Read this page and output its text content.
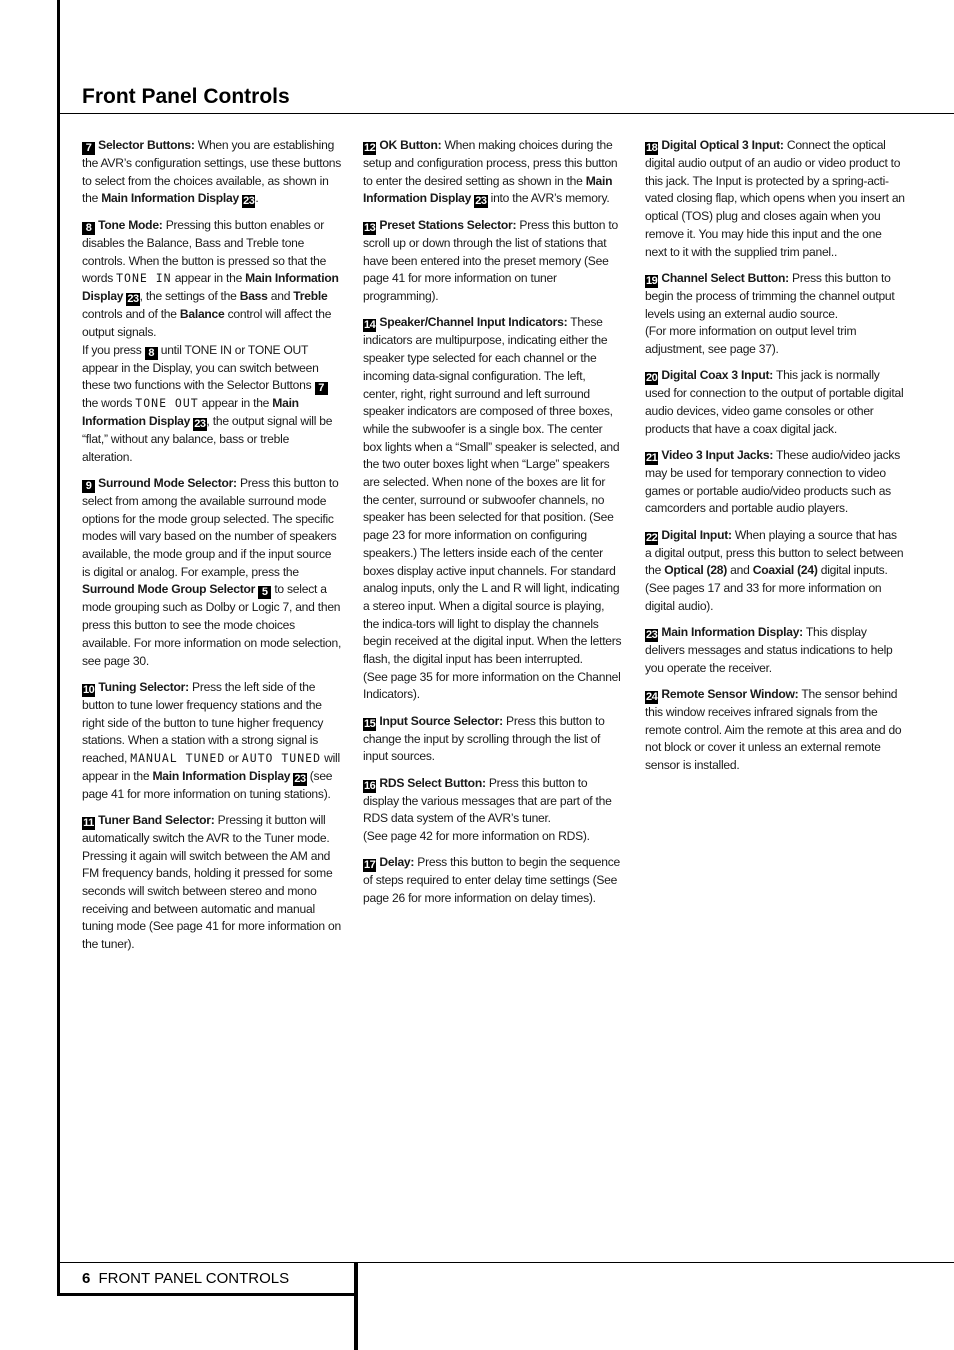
Front Panel Controls

7 Selector Buttons: When you are establishing the AVR’s configuration settings, use these buttons to select from the choices available, as shown in the Main Information Display 23.

8 Tone Mode: Pressing this button enables or disables the Balance, Bass and Treble tone controls. When the button is pressed so that the words TONE IN appear in the Main Information Display 23, the settings of the Bass and Treble controls and of the Balance control will affect the output signals.
If you press 8 until TONE IN or TONE OUT appear in the Display, you can switch between these two functions with the Selector Buttons 7 the words TONE OUT appear in the Main Information Display 23, the output signal will be “flat,” without any balance, bass or treble alteration.

9 Surround Mode Selector: Press this button to select from among the available surround mode options for the mode group selected. The specific modes will vary based on the number of speakers available, the mode group and if the input source is digital or analog. For example, press the Surround Mode Group Selector 5 to select a mode grouping such as Dolby or Logic 7, and then press this button to see the mode choices available. For more information on mode selection, see page 30.

10 Tuning Selector: Press the left side of the button to tune lower frequency stations and the right side of the button to tune higher frequency stations. When a station with a strong signal is reached, MANUAL TUNED or AUTO TUNED will appear in the Main Information Display 23 (see page 41 for more information on tuning stations).

11 Tuner Band Selector: Pressing it button will automatically switch the AVR to the Tuner mode. Pressing it again will switch between the AM and FM frequency bands, holding it pressed for some seconds will switch between stereo and mono receiving and between automatic and manual tuning mode (See page 41 for more information on the tuner).

12 OK Button: When making choices during the setup and configuration process, press this button to enter the desired setting as shown in the Main Information Display 23 into the AVR’s memory.

13 Preset Stations Selector: Press this button to scroll up or down through the list of stations that have been entered into the preset memory (See page 41 for more information on tuner programming).

14 Speaker/Channel Input Indicators: These indicators are multipurpose, indicating either the speaker type selected for each channel or the incoming data-signal configuration. The left, center, right, right surround and left surround speaker indicators are composed of three boxes, while the subwoofer is a single box. The center box lights when a “Small” speaker is selected, and the two outer boxes light when “Large” speakers are selected. When none of the boxes are lit for the center, surround or subwoofer channels, no speaker has been selected for that position. (See page 23 for more information on configuring speakers.) The letters inside each of the center boxes display active input channels. For standard analog inputs, only the L and R will light, indicating a stereo input. When a digital source is playing, the indica-tors will light to display the channels begin received at the digital input. When the letters flash, the digital input has been interrupted.
(See page 35 for more information on the Channel Indicators).

15 Input Source Selector: Press this button to change the input by scrolling through the list of input sources.

16 RDS Select Button: Press this button to display the various messages that are part of the RDS data system of the AVR’s tuner.
(See page 42 for more information on RDS).

17 Delay: Press this button to begin the sequence of steps required to enter delay time settings (See page 26 for more information on delay times).

18 Digital Optical 3 Input: Connect the optical digital audio output of an audio or video product to this jack. The Input is protected by a spring-acti-vated closing flap, which opens when you insert an optical (TOS) plug and closes again when you remove it. You may hide this input and the one next to it with the supplied trim panel..

19 Channel Select Button: Press this button to begin the process of trimming the channel output levels using an external audio source.
(For more information on output level trim adjustment, see page 37).

20 Digital Coax 3 Input: This jack is normally used for connection to the output of portable digital audio devices, video game consoles or other products that have a coax digital jack.

21 Video 3 Input Jacks: These audio/video jacks may be used for temporary connection to video games or portable audio/video products such as camcorders and portable audio players.

22 Digital Input: When playing a source that has a digital output, press this button to select between the Optical (28) and Coaxial (24) digital inputs. (See pages 17 and 33 for more information on digital audio).

23 Main Information Display: This display delivers messages and status indications to help you operate the receiver.

24 Remote Sensor Window: The sensor behind this window receives infrared signals from the remote control. Aim the remote at this area and do not block or cover it unless an external remote sensor is installed.

6 FRONT PANEL CONTROLS
